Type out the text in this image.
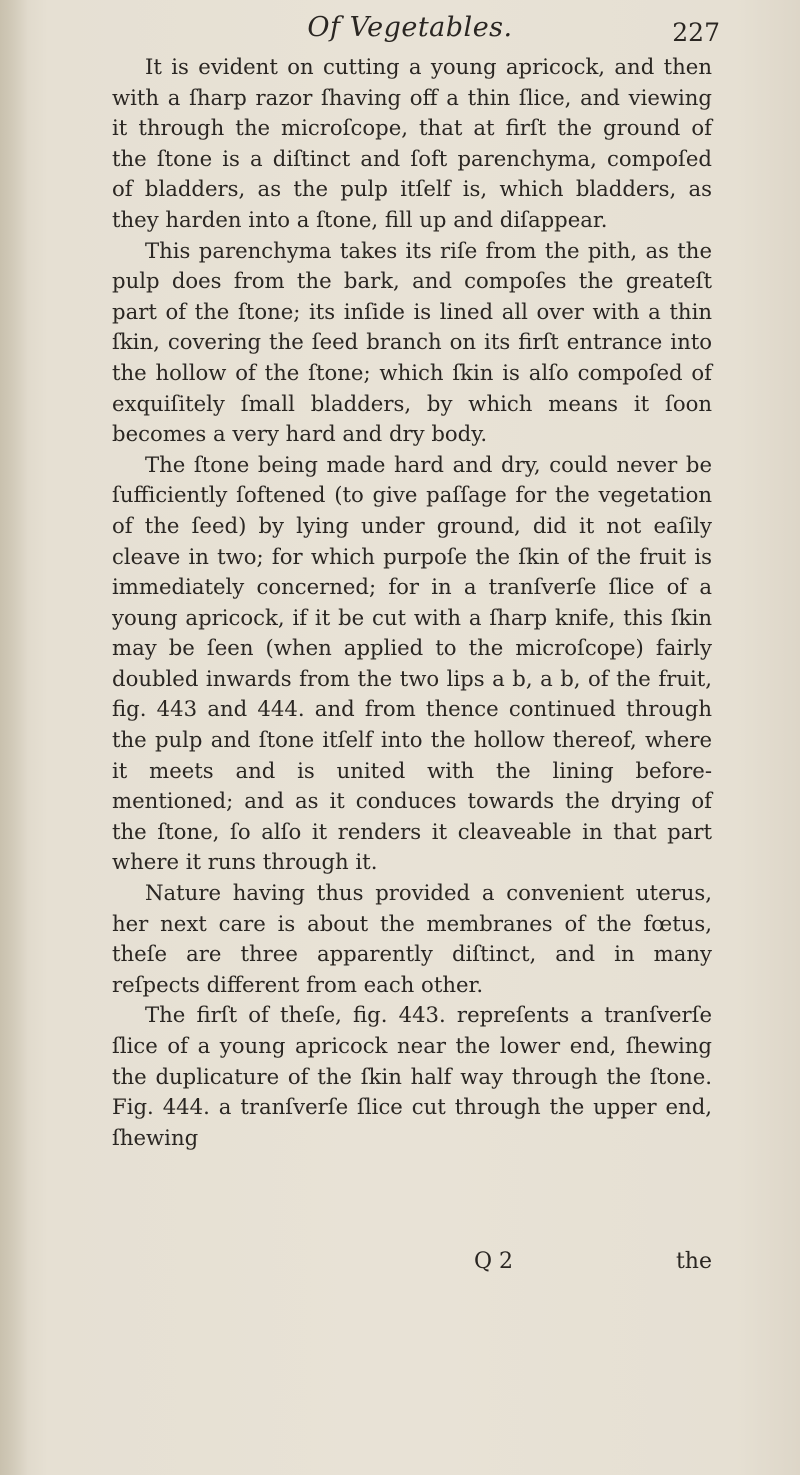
Of Vegetables.	227

It is evident on cutting a young apricock, and then with a ſharp razor ſhaving off a thin ſlice, and viewing it through the microſcope, that at firſt the ground of the ſtone is a diſtinct and ſoft parenchyma, compoſed of bladders, as the pulp itſelf is, which bladders, as they harden into a ſtone, fill up and diſappear.

This parenchyma takes its riſe from the pith, as the pulp does from the bark, and compoſes the greateſt part of the ſtone; its inſide is lined all over with a thin ſkin, covering the ſeed branch on its firſt entrance into the hollow of the ſtone; which ſkin is alſo compoſed of exquiſitely ſmall bladders, by which means it ſoon becomes a very hard and dry body.

The ſtone being made hard and dry, could never be ſufficiently ſoftened (to give paſſage for the vegetation of the ſeed) by lying under ground, did it not eaſily cleave in two; for which purpoſe the ſkin of the fruit is immediately concerned; for in a tranſverſe ſlice of a young apricock, if it be cut with a ſharp knife, this ſkin may be ſeen (when applied to the microſcope) fairly doubled inwards from the two lips a b, a b, of the fruit, fig. 443 and 444. and from thence continued through the pulp and ſtone itſelf into the hollow thereof, where it meets and is united with the lining before-mentioned; and as it conduces towards the drying of the ſtone, ſo alſo it renders it cleaveable in that part where it runs through it.

Nature having thus provided a convenient uterus, her next care is about the membranes of the fœtus, theſe are three apparently diſtinct, and in many reſpects different from each other.

The firſt of theſe, fig. 443. repreſents a tranſverſe ſlice of a young apricock near the lower end, ſhewing the duplicature of the ſkin half way through the ſtone. Fig. 444. a tranſverſe ſlice cut through the upper end, ſhewing

Q 2	the
